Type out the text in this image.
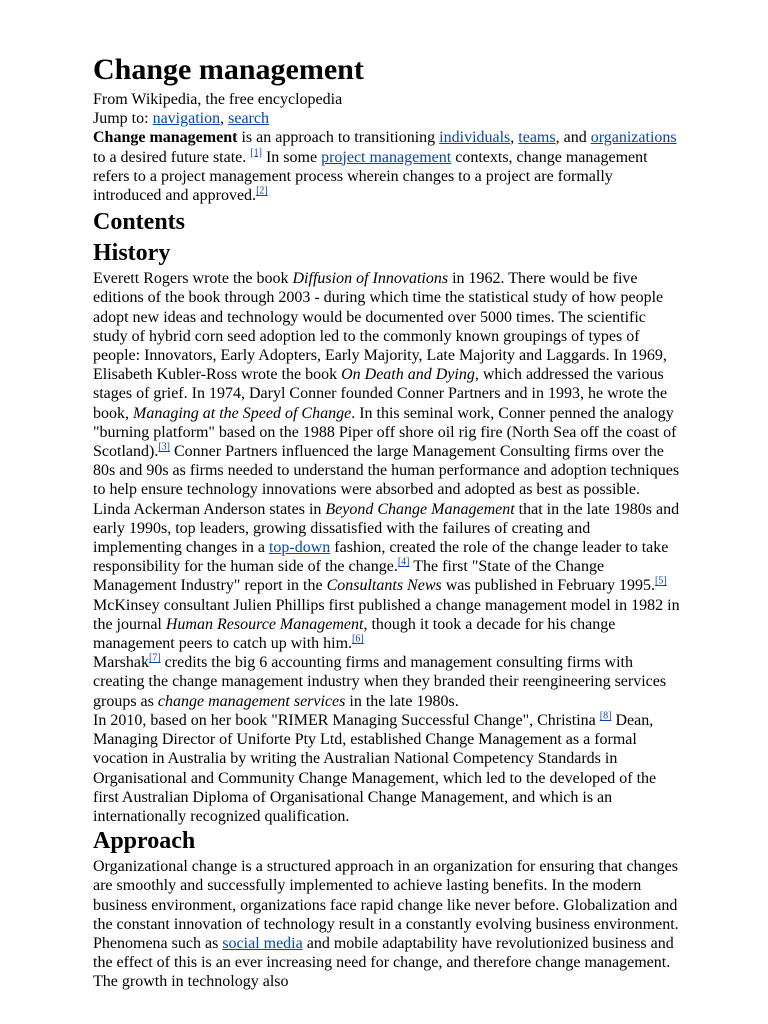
Change management
From Wikipedia, the free encyclopedia
Jump to: navigation, search

Change management is an approach to transitioning individuals, teams, and organizations to a desired future state. [1] In some project management contexts, change management refers to a project management process wherein changes to a project are formally introduced and approved.[2]

Contents
History

Everett Rogers wrote the book Diffusion of Innovations in 1962. There would be five editions of the book through 2003 - during which time the statistical study of how people adopt new ideas and technology would be documented over 5000 times. The scientific study of hybrid corn seed adoption led to the commonly known groupings of types of people: Innovators, Early Adopters, Early Majority, Late Majority and Laggards. In 1969, Elisabeth Kubler-Ross wrote the book On Death and Dying, which addressed the various stages of grief. In 1974, Daryl Conner founded Conner Partners and in 1993, he wrote the book, Managing at the Speed of Change. In this seminal work, Conner penned the analogy "burning platform" based on the 1988 Piper off shore oil rig fire (North Sea off the coast of Scotland).[3] Conner Partners influenced the large Management Consulting firms over the 80s and 90s as firms needed to understand the human performance and adoption techniques to help ensure technology innovations were absorbed and adopted as best as possible.

Linda Ackerman Anderson states in Beyond Change Management that in the late 1980s and early 1990s, top leaders, growing dissatisfied with the failures of creating and implementing changes in a top-down fashion, created the role of the change leader to take responsibility for the human side of the change.[4] The first "State of the Change Management Industry" report in the Consultants News was published in February 1995.[5]

McKinsey consultant Julien Phillips first published a change management model in 1982 in the journal Human Resource Management, though it took a decade for his change management peers to catch up with him.[6]

Marshak[7] credits the big 6 accounting firms and management consulting firms with creating the change management industry when they branded their reengineering services groups as change management services in the late 1980s.

In 2010, based on her book "RIMER Managing Successful Change", Christina [8] Dean, Managing Director of Uniforte Pty Ltd, established Change Management as a formal vocation in Australia by writing the Australian National Competency Standards in Organisational and Community Change Management, which led to the developed of the first Australian Diploma of Organisational Change Management, and which is an internationally recognized qualification.

Approach

Organizational change is a structured approach in an organization for ensuring that changes are smoothly and successfully implemented to achieve lasting benefits. In the modern business environment, organizations face rapid change like never before. Globalization and the constant innovation of technology result in a constantly evolving business environment. Phenomena such as social media and mobile adaptability have revolutionized business and the effect of this is an ever increasing need for change, and therefore change management. The growth in technology also
